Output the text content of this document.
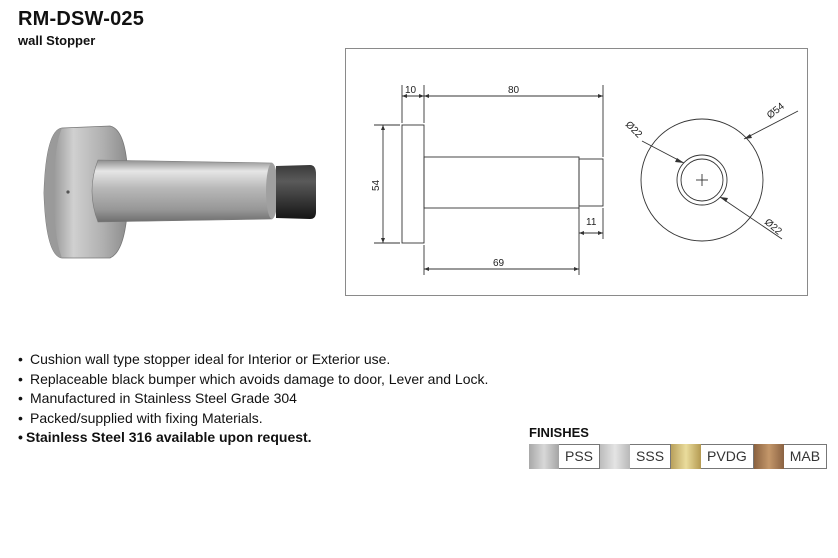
RM-DSW-025
wall Stopper
10	80
54
11
69
Ø22
Ø54
Ø22
• Cushion wall type stopper ideal for Interior or Exterior use.
• Replaceable black bumper which avoids damage to door, Lever and Lock.
• Manufactured in Stainless Steel Grade 304
• Packed/supplied with fixing Materials.
• Stainless Steel 316 available upon request.	FINISHES
PSS	SSS	PVDG	MAB
